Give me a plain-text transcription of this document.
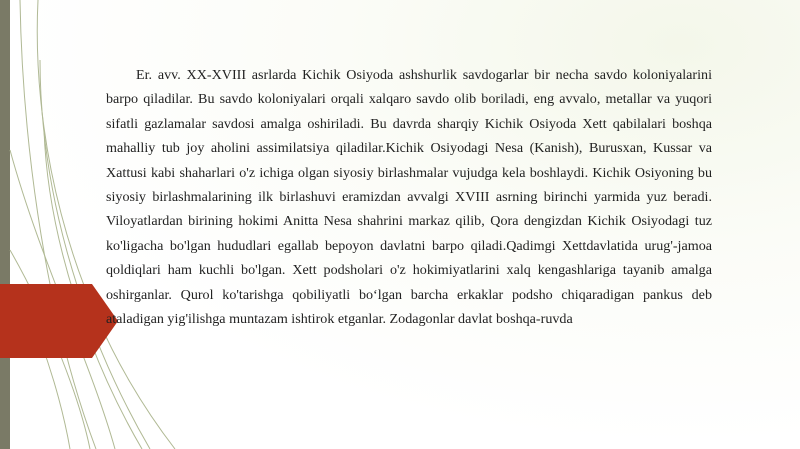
Er. avv. XX-XVIII asrlarda Kichik Osiyoda ashshurlik savdogarlar bir necha savdo koloniyalarini barpo qiladilar. Bu savdo koloniyalari orqali xalqaro savdo olib boriladi, eng avvalo, metallar va yuqori sifatli gazlamalar savdosi amalga oshiriladi. Bu davrda sharqiy Kichik Osiyoda Xett qabilalari boshqa mahalliy tub joy aholini assimilatsiya qiladilar.Kichik Osiyodagi Nesa (Kanish), Burusxan, Kussar va Xattusi kabi shaharlari o'z ichiga olgan siyosiy birlashmalar vujudga kela boshlaydi. Kichik Osiyoning bu siyosiy birlashmalarining ilk birlashuvi eramizdan avvalgi XVIII asrning birinchi yarmida yuz beradi. Viloyatlardan birining hokimi Anitta Nesa shahrini markaz qilib, Qora dengizdan Kichik Osiyodagi tuz ko'ligacha bo'lgan hududlari egallab bepoyon davlatni barpo qiladi.Qadimgi Xettdavlatida urug'-jamoa qoldiqlari ham kuchli bo'lgan. Xett podsholari o'z hokimiyatlarini xalq kengashlariga tayanib amalga oshirganlar. Qurol ko'tarishga qobiliyatli bo‘lgan barcha erkaklar podsho chiqaradigan pankus deb ataladigan yig'ilishga muntazam ishtirok etganlar. Zodagonlar davlat boshqa-ruvda
